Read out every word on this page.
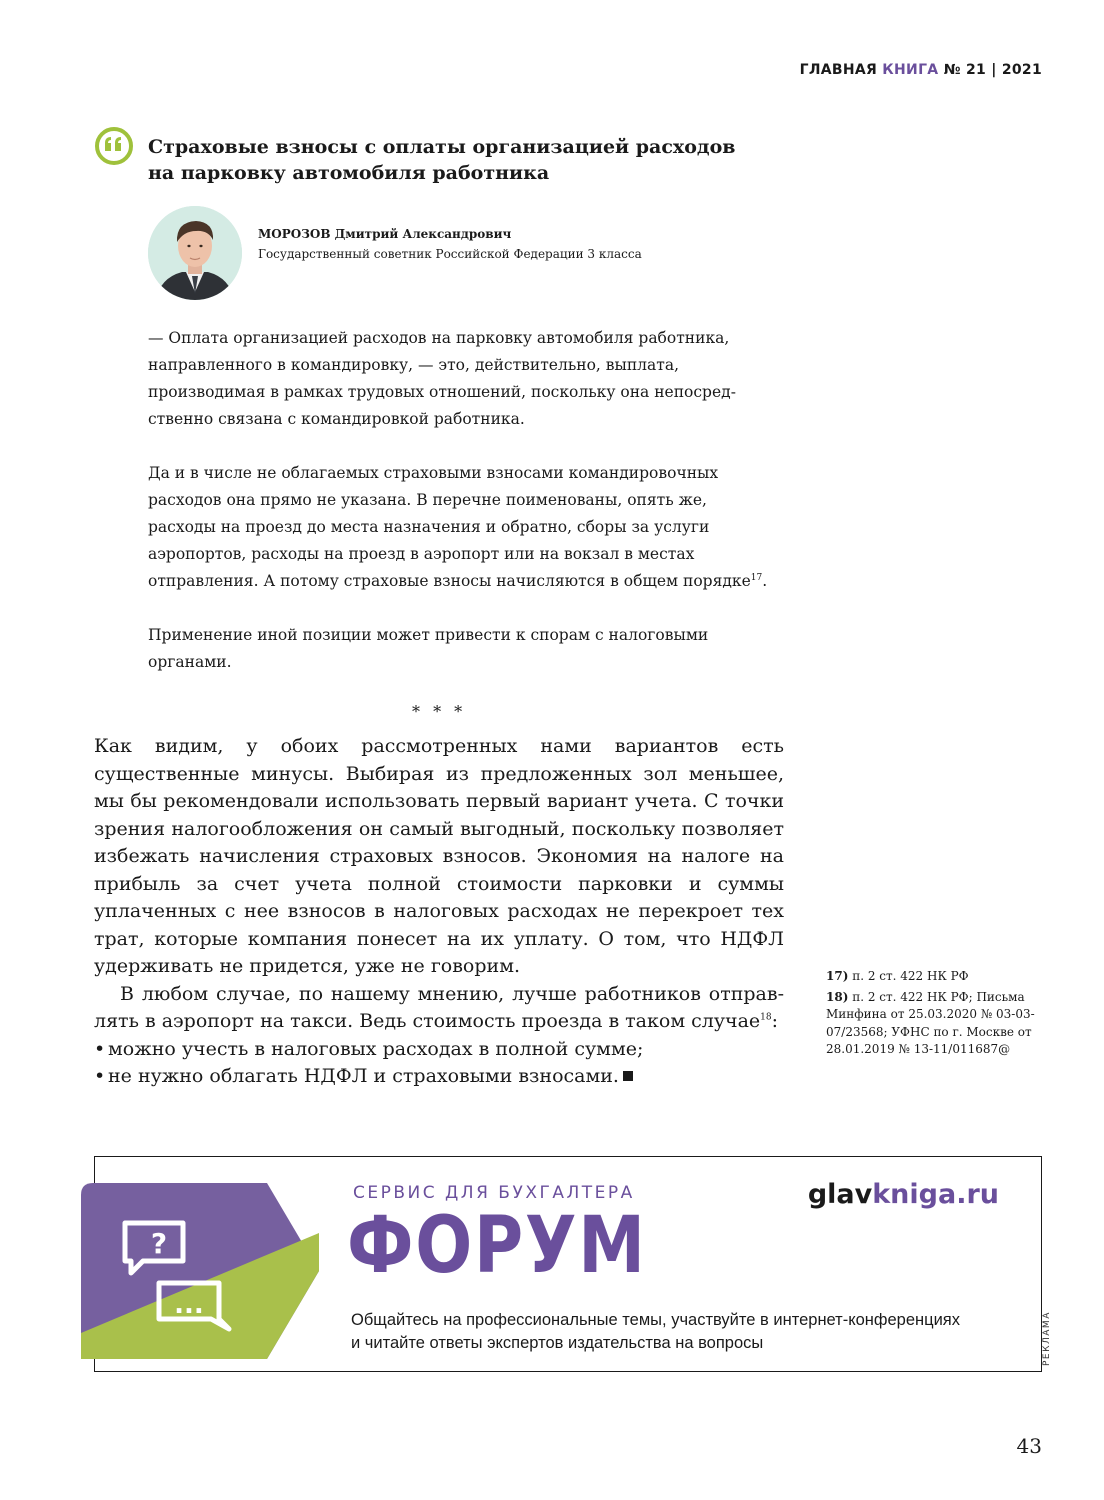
ГЛАВНАЯ КНИГА № 21 | 2021
Страховые взносы с оплаты организацией расходов на парковку автомобиля работника
МОРОЗОВ Дмитрий Александрович
Государственный советник Российской Федерации 3 класса
— Оплата организацией расходов на парковку автомобиля работника, направленного в командировку, — это, действительно, выплата, производимая в рамках трудовых отношений, поскольку она непосредственно связана с командировкой работника.
Да и в числе не облагаемых страховыми взносами командировочных расходов она прямо не указана. В перечне поименованы, опять же, расходы на проезд до места назначения и обратно, сборы за услуги аэропортов, расходы на проезд в аэропорт или на вокзал в местах отправления. А потому страховые взносы начисляются в общем порядке$^{17}$.
Применение иной позиции может привести к спорам с налоговыми органами.
* * *

Как видим, у обоих рассмотренных нами вариантов есть существенные минусы. Выбирая из предложенных зол меньшее, мы бы рекомендовали использовать первый вариант учета. С точки зрения налогообложения он самый выгодный, поскольку позволяет избежать начисления страховых взносов. Экономия на налоге на прибыль за счет учета полной стоимости парковки и суммы уплаченных с нее взносов в налоговых расходах не перекроет тех трат, которые компания понесет на их уплату. О том, что НДФЛ удерживать не придется, уже не говорим.

В любом случае, по нашему мнению, лучше работников отправлять в аэропорт на такси. Ведь стоимость проезда в таком случае$^{18}$:

• можно учесть в налоговых расходах в полной сумме;
• не нужно облагать НДФЛ и страховыми взносами.
17) п. 2 ст. 422 НК РФ
18) п. 2 ст. 422 НК РФ; Письма Минфина от 25.03.2020 № 03-03-07/23568; УФНС по г. Москве от 28.01.2019 № 13-11/011687@
?
...
СЕРВИС ДЛЯ БУХГАЛТЕРА
ФОРУМ
glavkniga.ru
Общайтесь на профессиональные темы, участвуйте в интернет-конференциях и читайте ответы экспертов издательства на вопросы	РЕКЛАМА
43
